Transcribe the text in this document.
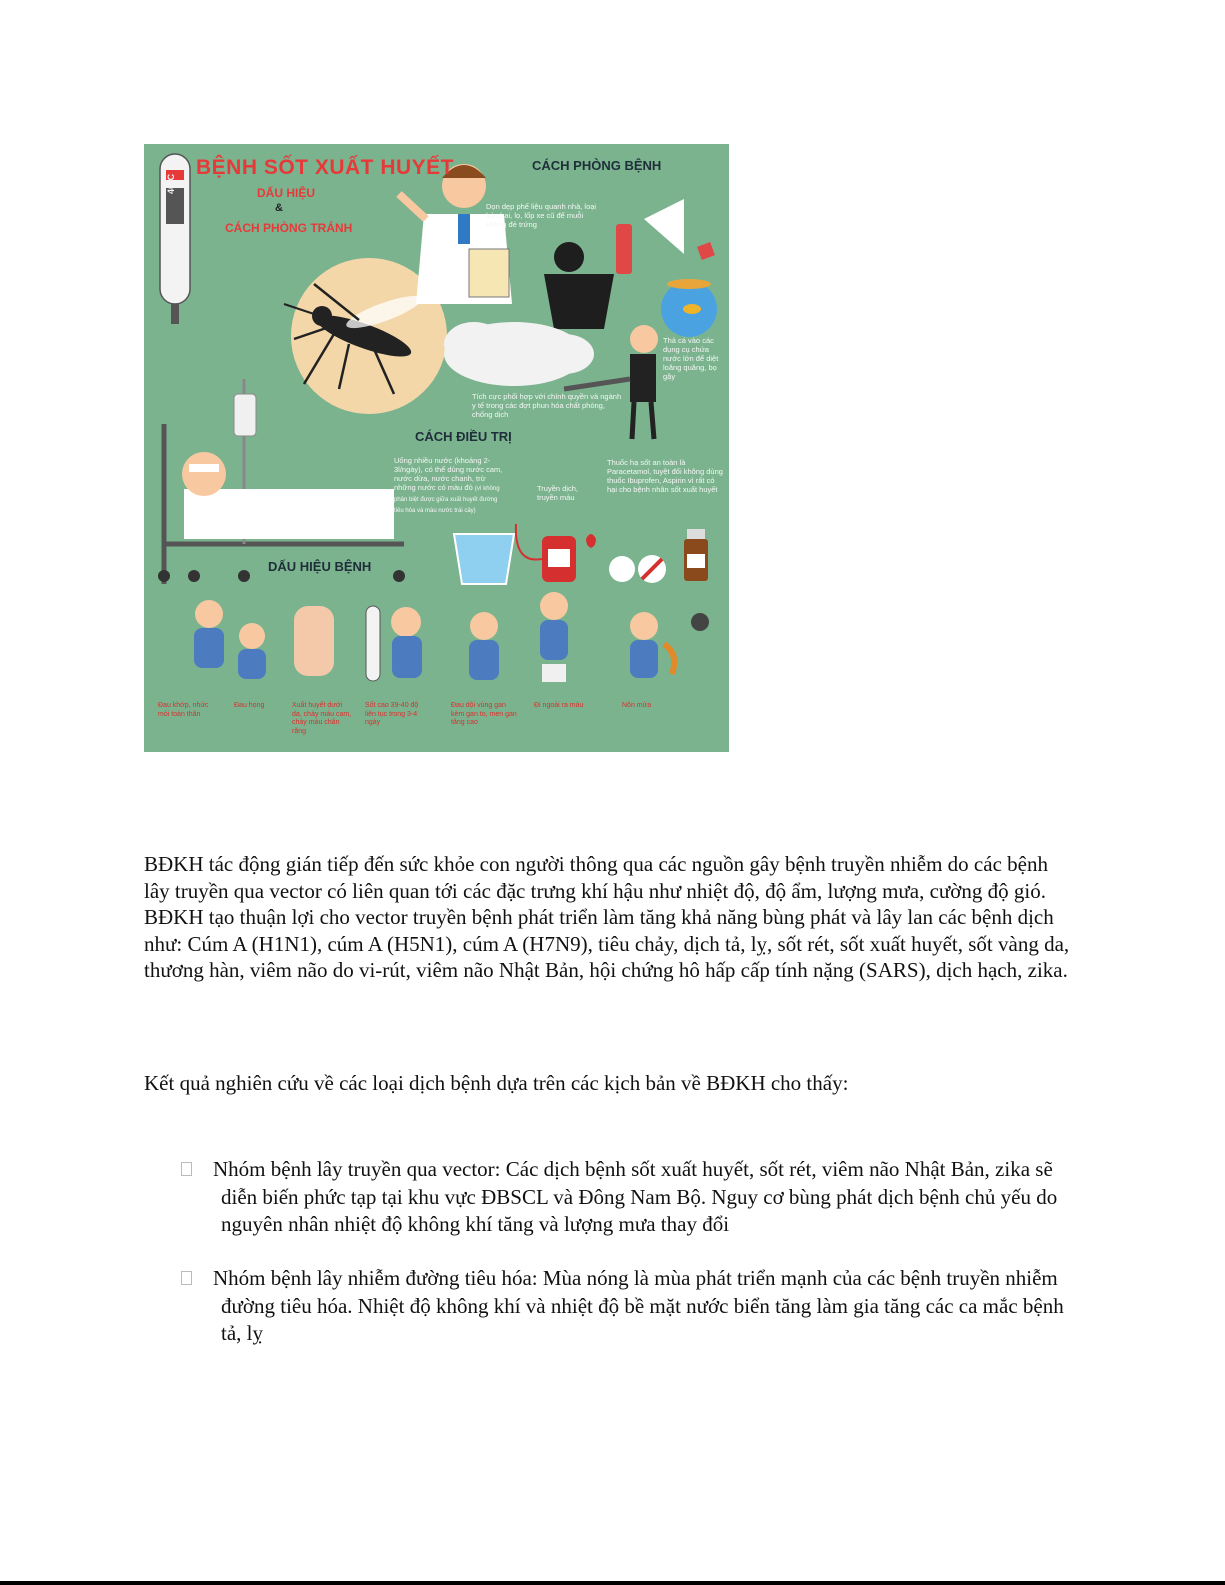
BỆNH SỐT XUẤT HUYẾT
DẤU HIỆU
&
CÁCH PHÒNG TRÁNH
CÁCH PHÒNG BỆNH
CÁCH ĐIỀU TRỊ
DẤU HIỆU BỆNH
Dọn dẹp phế liệu quanh nhà, loại bỏ chai, lọ, lốp xe cũ để muỗi không đẻ trứng
Thả cá vào các dụng cụ chứa nước lớn để diệt loăng quăng, bọ gậy
Tích cực phối hợp với chính quyền và ngành y tế trong các đợt phun hóa chất phòng, chống dịch
Uống nhiều nước (khoảng 2-3l/ngày), có thể dùng nước cam, nước dừa, nước chanh, trừ những nước có màu đỏ (vì không phân biệt được giữa xuất huyết đường tiêu hóa và màu nước trái cây)
Truyền dịch, truyền máu
Thuốc hạ sốt an toàn là Paracetamol, tuyệt đối không dùng thuốc Ibuprofen, Aspirin vì rất có hại cho bệnh nhân sốt xuất huyết
Đau khớp, nhức mỏi toàn thân
Đau họng	Xuất huyết dưới da, chảy máu cam, chảy máu chân răng
Sốt cao 39-40 độ liên tục trong 3-4 ngày
Đau dội vùng gan kèm gan to, men gan tăng cao
Đi ngoài ra máu	Nôn mửa

BĐKH tác động gián tiếp đến sức khỏe con người thông qua các nguồn gây bệnh truyền nhiễm do các bệnh lây truyền qua vector có liên quan tới các đặc trưng khí hậu như nhiệt độ, độ ẩm, lượng mưa, cường độ gió. BĐKH tạo thuận lợi cho vector truyền bệnh phát triển làm tăng khả năng bùng phát và lây lan các bệnh dịch như: Cúm A (H1N1), cúm A (H5N1), cúm A (H7N9), tiêu chảy, dịch tả, lỵ, sốt rét, sốt xuất huyết, sốt vàng da, thương hàn, viêm não do vi-rút, viêm não Nhật Bản, hội chứng hô hấp cấp tính nặng (SARS), dịch hạch, zika.

Kết quả nghiên cứu về các loại dịch bệnh dựa trên các kịch bản về BĐKH cho thấy:

Nhóm bệnh lây truyền qua vector: Các dịch bệnh sốt xuất huyết, sốt rét, viêm não Nhật Bản, zika sẽ diễn biến phức tạp tại khu vực ĐBSCL và Đông Nam Bộ. Nguy cơ bùng phát dịch bệnh chủ yếu do nguyên nhân nhiệt độ không khí tăng và lượng mưa thay đổi
Nhóm bệnh lây nhiễm đường tiêu hóa: Mùa nóng là mùa phát triển mạnh của các bệnh truyền nhiễm đường tiêu hóa. Nhiệt độ không khí và nhiệt độ bề mặt nước biển tăng làm gia tăng các ca mắc bệnh tả, lỵ
